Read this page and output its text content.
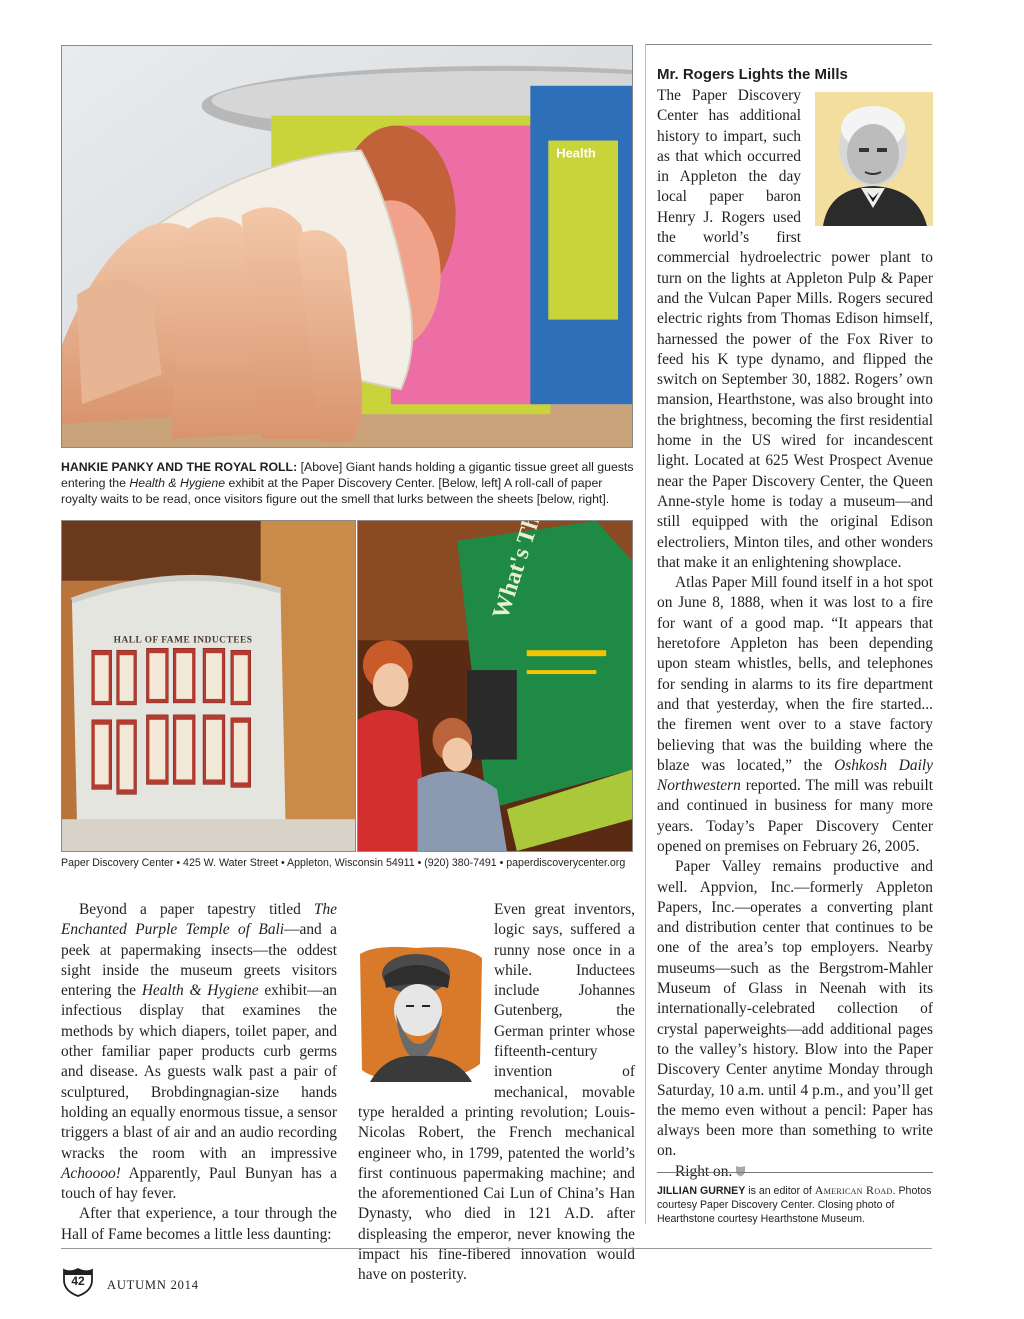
Health
HANKIE PANKY AND THE ROYAL ROLL: [Above] Giant hands holding a gigantic tissue greet all guests entering the Health & Hygiene exhibit at the Paper Discovery Center. [Below, left] A roll-call of paper royalty waits to be read, once visitors figure out the smell that lurks between the sheets [below, right].
HALL OF FAME INDUCTEES
Paper Discovery Center • 425 W. Water Street • Appleton, Wisconsin 54911 • (920) 380-7491 • paperdiscoverycenter.org
Mr. Rogers Lights the Mills

The Paper Discovery Center has additional history to impart, such as that which occurred in Appleton the day local paper baron Henry J. Rogers used the world’s first commercial hydroelectric power plant to turn on the lights at Appleton Pulp & Paper and the Vulcan Paper Mills. Rogers secured electric rights from Thomas Edison himself, harnessed the power of the Fox River to feed his K type dynamo, and flipped the switch on September 30, 1882. Rogers’ own mansion, Hearthstone, was also brought into the brightness, becoming the first residential home in the US wired for incandescent light. Located at 625 West Prospect Avenue near the Paper Discovery Center, the Queen Anne-style home is today a museum—and still equipped with the original Edison electroliers, Minton tiles, and other wonders that make it an enlightening showplace.

Atlas Paper Mill found itself in a hot spot on June 8, 1888, when it was lost to a fire for want of a good map. “It appears that heretofore Appleton has been depending upon steam whistles, bells, and telephones for sending in alarms to its fire department and that yesterday, when the fire started... the firemen went over to a stave factory believing that was the building where the blaze was located,” the Oshkosh Daily Northwestern reported. The mill was rebuilt and continued in business for many more years. Today’s Paper Discovery Center opened on premises on February 26, 2005.

Paper Valley remains productive and well. Appvion, Inc.—formerly Appleton Papers, Inc.—operates a converting plant and distribution center that continues to be one of the area’s top employers. Nearby museums—such as the Bergstrom-Mahler Museum of Glass in Neenah with its internationally-celebrated collection of crystal paperweights—add additional pages to the valley’s history. Blow into the Paper Discovery Center anytime Monday through Saturday, 10 a.m. until 4 p.m., and you’ll get the memo even without a pencil: Paper has always been more than something to write on.

Right on.

Beyond a paper tapestry titled The Enchanted Purple Temple of Bali—and a peek at papermaking insects—the oddest sight inside the museum greets visitors entering the Health & Hygiene exhibit—an infectious display that examines the methods by which diapers, toilet paper, and other familiar paper products curb germs and disease. As guests walk past a pair of sculptured, Brobdingnagian-size hands holding an equally enormous tissue, a sensor triggers a blast of air and an audio recording wracks the room with an impressive Achoooo! Apparently, Paul Bunyan has a touch of hay fever.

After that experience, a tour through the Hall of Fame becomes a little less daunting:

Even great inventors, logic says, suffered a runny nose once in a while. Inductees include Johannes Gutenberg, the German printer whose fifteenth-century invention of mechanical, movable type heralded a printing revolution; Louis-Nicolas Robert, the French mechanical engineer who, in 1799, patented the world’s first continuous papermaking machine; and the aforementioned Cai Lun of China’s Han Dynasty, who died in 121 A.D. after displeasing the emperor, never knowing the impact his fine-fibered innovation would have on posterity.

JILLIAN GURNEY is an editor of American Road. Photos courtesy Paper Discovery Center. Closing photo of Hearthstone courtesy Hearthstone Museum.
42	AUTUMN 2014
